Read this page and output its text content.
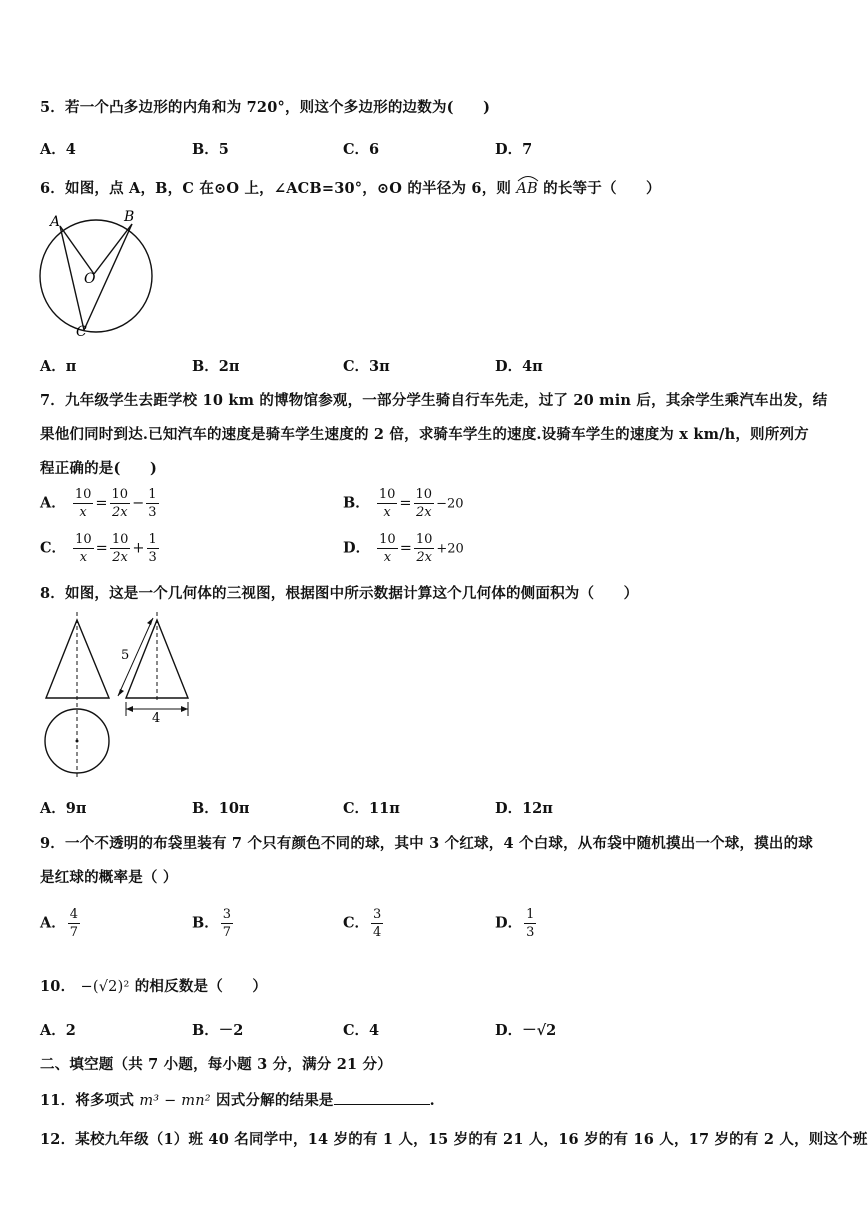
5．若一个凸多边形的内角和为 720°，则这个多边形的边数为(　　)
A．4	B．5	C．6	D．7
6．如图，点 A，B，C 在⊙O 上，∠ACB=30°，⊙O 的半径为 6，则 AB 的长等于（　　）
A	B
O
C
A．π	B．2π	C．3π	D．4π
7．九年级学生去距学校 10 km 的博物馆参观，一部分学生骑自行车先走，过了 20 min 后，其余学生乘汽车出发，结
果他们同时到达.已知汽车的速度是骑车学生速度的 2 倍，求骑车学生的速度.设骑车学生的速度为 x km/h，则所列方
程正确的是(　　)
A． $\frac{10}{x} = \frac{10}{2x} - \frac{1}{3}$	B． $\frac{10}{x} = \frac{10}{2x} -20$
C． $\frac{10}{x} = \frac{10}{2x} + \frac{1}{3}$	D． $\frac{10}{x} = \frac{10}{2x} +20$
8．如图，这是一个几何体的三视图，根据图中所示数据计算这个几何体的侧面积为（　　）
5
4
A．9π	B．10π	C．11π	D．12π
9．一个不透明的布袋里装有 7 个只有颜色不同的球，其中 3 个红球，4 个白球，从布袋中随机摸出一个球，摸出的球
是红球的概率是（ ）
A． $\frac{4}{7}$	B． $\frac{3}{7}$	C． $\frac{3}{4}$	D． $\frac{1}{3}$
10． −(√2)² 的相反数是（　　）
A．2	B．－2	C．4	D．－√2
二、填空题（共 7 小题，每小题 3 分，满分 21 分）
11．将多项式 m³ − mn² 因式分解的结果是	.
12．某校九年级（1）班 40 名同学中，14 岁的有 1 人，15 岁的有 21 人，16 岁的有 16 人，17 岁的有 2 人，则这个班
